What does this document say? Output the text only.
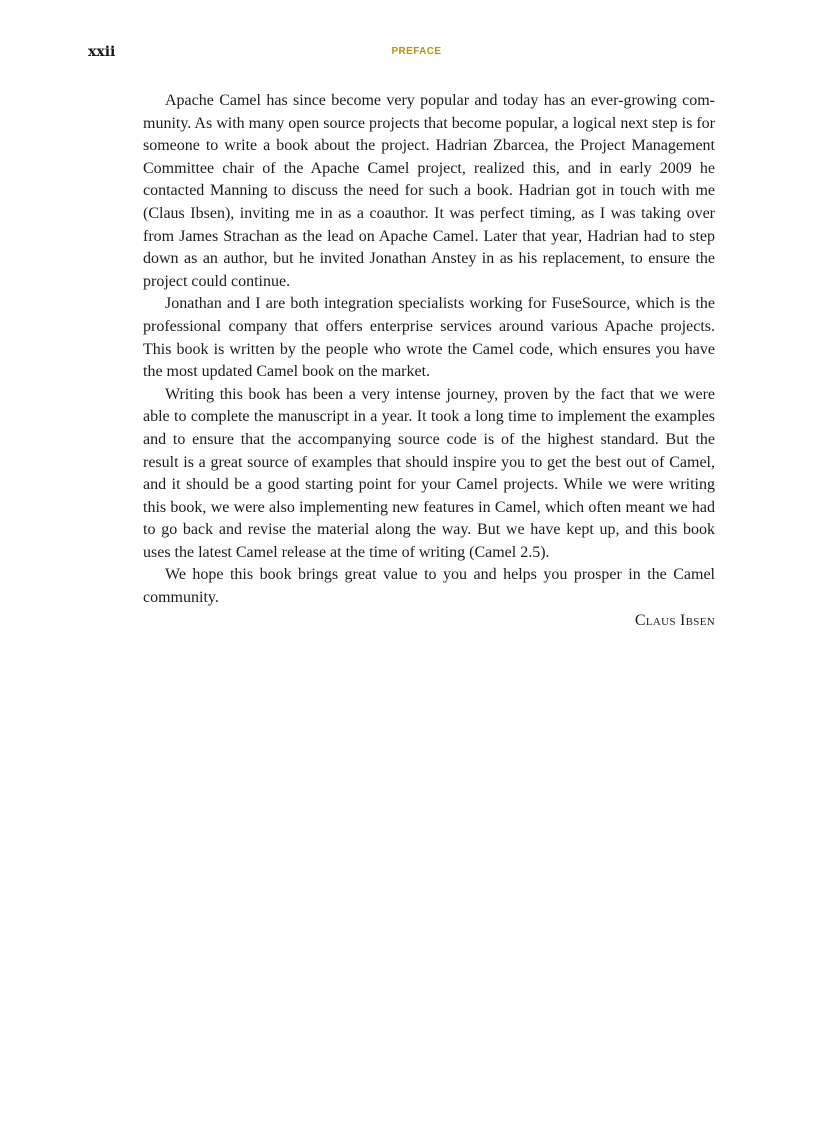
xxii	PREFACE

Apache Camel has since become very popular and today has an ever-growing community. As with many open source projects that become popular, a logical next step is for someone to write a book about the project. Hadrian Zbarcea, the Project Management Committee chair of the Apache Camel project, realized this, and in early 2009 he contacted Manning to discuss the need for such a book. Hadrian got in touch with me (Claus Ibsen), inviting me in as a coauthor. It was perfect timing, as I was taking over from James Strachan as the lead on Apache Camel. Later that year, Hadrian had to step down as an author, but he invited Jonathan Anstey in as his replacement, to ensure the project could continue.

Jonathan and I are both integration specialists working for FuseSource, which is the professional company that offers enterprise services around various Apache projects. This book is written by the people who wrote the Camel code, which ensures you have the most updated Camel book on the market.

Writing this book has been a very intense journey, proven by the fact that we were able to complete the manuscript in a year. It took a long time to implement the examples and to ensure that the accompanying source code is of the highest standard. But the result is a great source of examples that should inspire you to get the best out of Camel, and it should be a good starting point for your Camel projects. While we were writing this book, we were also implementing new features in Camel, which often meant we had to go back and revise the material along the way. But we have kept up, and this book uses the latest Camel release at the time of writing (Camel 2.5).

We hope this book brings great value to you and helps you prosper in the Camel community.

Claus Ibsen
